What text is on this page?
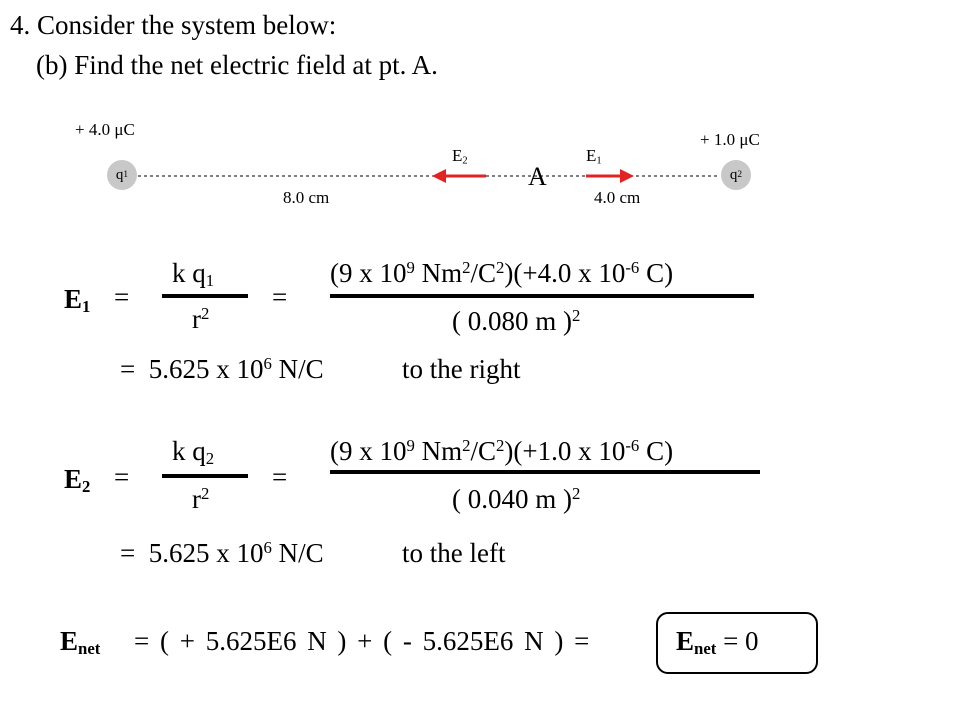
4. Consider the system below:
(b) Find the net electric field at pt. A.
+ 4.0 μC
+ 1.0 μC
q 1	q 2
A
$E_2$	$E_1$
8.0 cm	4.0 cm
$E_1$ =
k $q_1$
$r^2$
=
(9 x $10^9$ $Nm^2/C^2)(+4.0$ x $10^{-6}$ C)
( 0.080 m )$^2$
= 5.625 x $10^6$ N/C	to the right
$E_2$ =
k $q_2$
$r^2$
=
(9 x $10^9$ $Nm^2/C^2)(+1.0$ x $10^{-6}$ C)
( 0.040 m )$^2$
= 5.625 x $10^6$ N/C	to the left
$E_{net}$ = ( + 5.625E6 N ) + ( - 5.625E6 N ) =	$E_{net} = 0$
